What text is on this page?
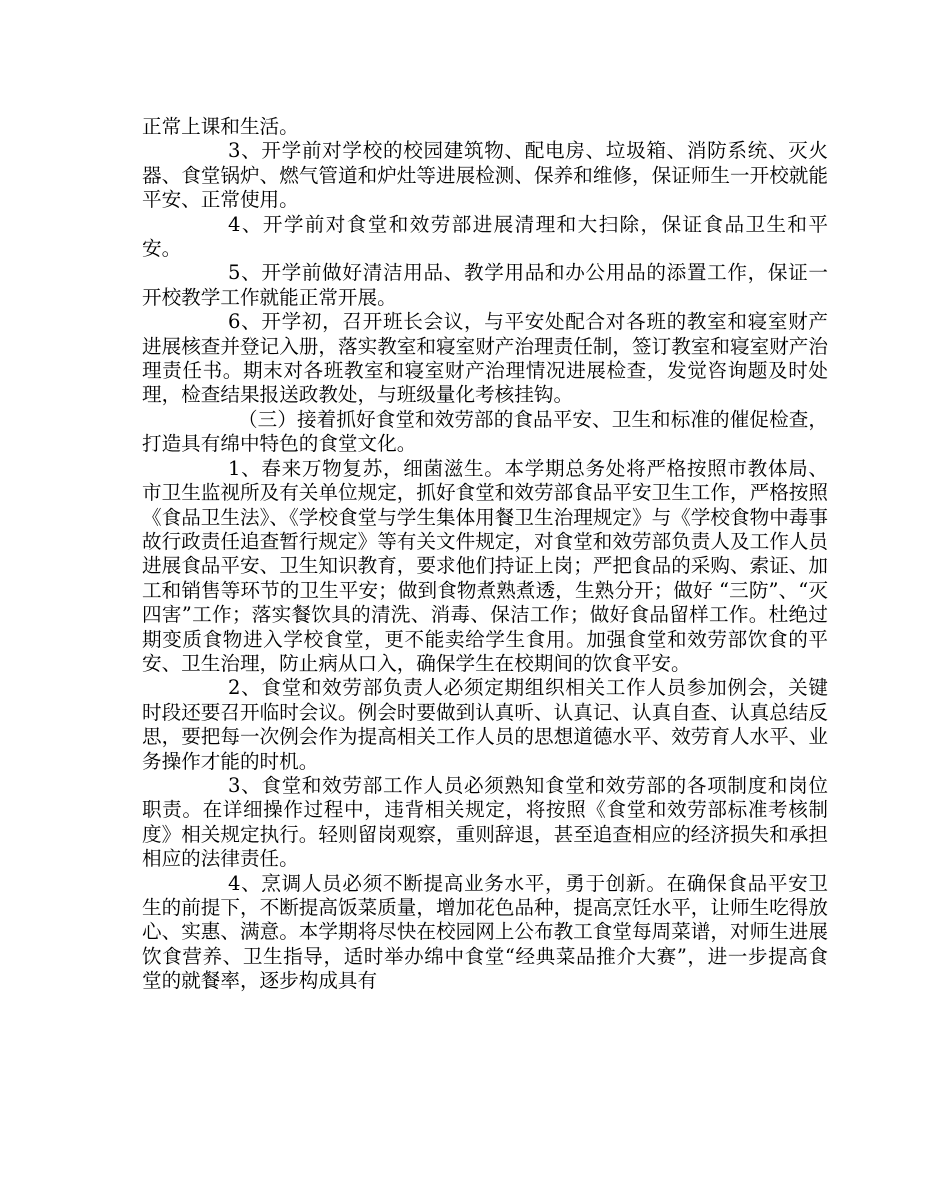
正常上课和生活。

3、开学前对学校的校园建筑物、配电房、垃圾箱、消防系统、灭火器、食堂锅炉、燃气管道和炉灶等进展检测、保养和维修，保证师生一开校就能平安、正常使用。

4、开学前对食堂和效劳部进展清理和大扫除，保证食品卫生和平安。

5、开学前做好清洁用品、教学用品和办公用品的添置工作，保证一开校教学工作就能正常开展。

6、开学初，召开班长会议，与平安处配合对各班的教室和寝室财产进展核查并登记入册，落实教室和寝室财产治理责任制，签订教室和寝室财产治理责任书。期末对各班教室和寝室财产治理情况进展检查，发觉咨询题及时处理，检查结果报送政教处，与班级量化考核挂钩。

（三）接着抓好食堂和效劳部的食品平安、卫生和标准的催促检查，打造具有绵中特色的食堂文化。

1、春来万物复苏，细菌滋生。本学期总务处将严格按照市教体局、市卫生监视所及有关单位规定，抓好食堂和效劳部食品平安卫生工作，严格按照《食品卫生法》、《学校食堂与学生集体用餐卫生治理规定》与《学校食物中毒事故行政责任追查暂行规定》等有关文件规定，对食堂和效劳部负责人及工作人员进展食品平安、卫生知识教育，要求他们持证上岗；严把食品的采购、索证、加工和销售等环节的卫生平安；做到食物煮熟煮透，生熟分开；做好 “三防”、“灭四害”工作；落实餐饮具的清洗、消毒、保洁工作；做好食品留样工作。杜绝过期变质食物进入学校食堂，更不能卖给学生食用。加强食堂和效劳部饮食的平安、卫生治理，防止病从口入，确保学生在校期间的饮食平安。

2、食堂和效劳部负责人必须定期组织相关工作人员参加例会，关键时段还要召开临时会议。例会时要做到认真听、认真记、认真自查、认真总结反思，要把每一次例会作为提高相关工作人员的思想道德水平、效劳育人水平、业务操作才能的时机。

3、食堂和效劳部工作人员必须熟知食堂和效劳部的各项制度和岗位职责。在详细操作过程中，违背相关规定，将按照《食堂和效劳部标准考核制度》相关规定执行。轻则留岗观察，重则辞退，甚至追查相应的经济损失和承担相应的法律责任。

4、烹调人员必须不断提高业务水平，勇于创新。在确保食品平安卫生的前提下，不断提高饭菜质量，增加花色品种，提高烹饪水平，让师生吃得放心、实惠、满意。本学期将尽快在校园网上公布教工食堂每周菜谱，对师生进展饮食营养、卫生指导，适时举办绵中食堂“经典菜品推介大赛”，进一步提高食堂的就餐率，逐步构成具有
